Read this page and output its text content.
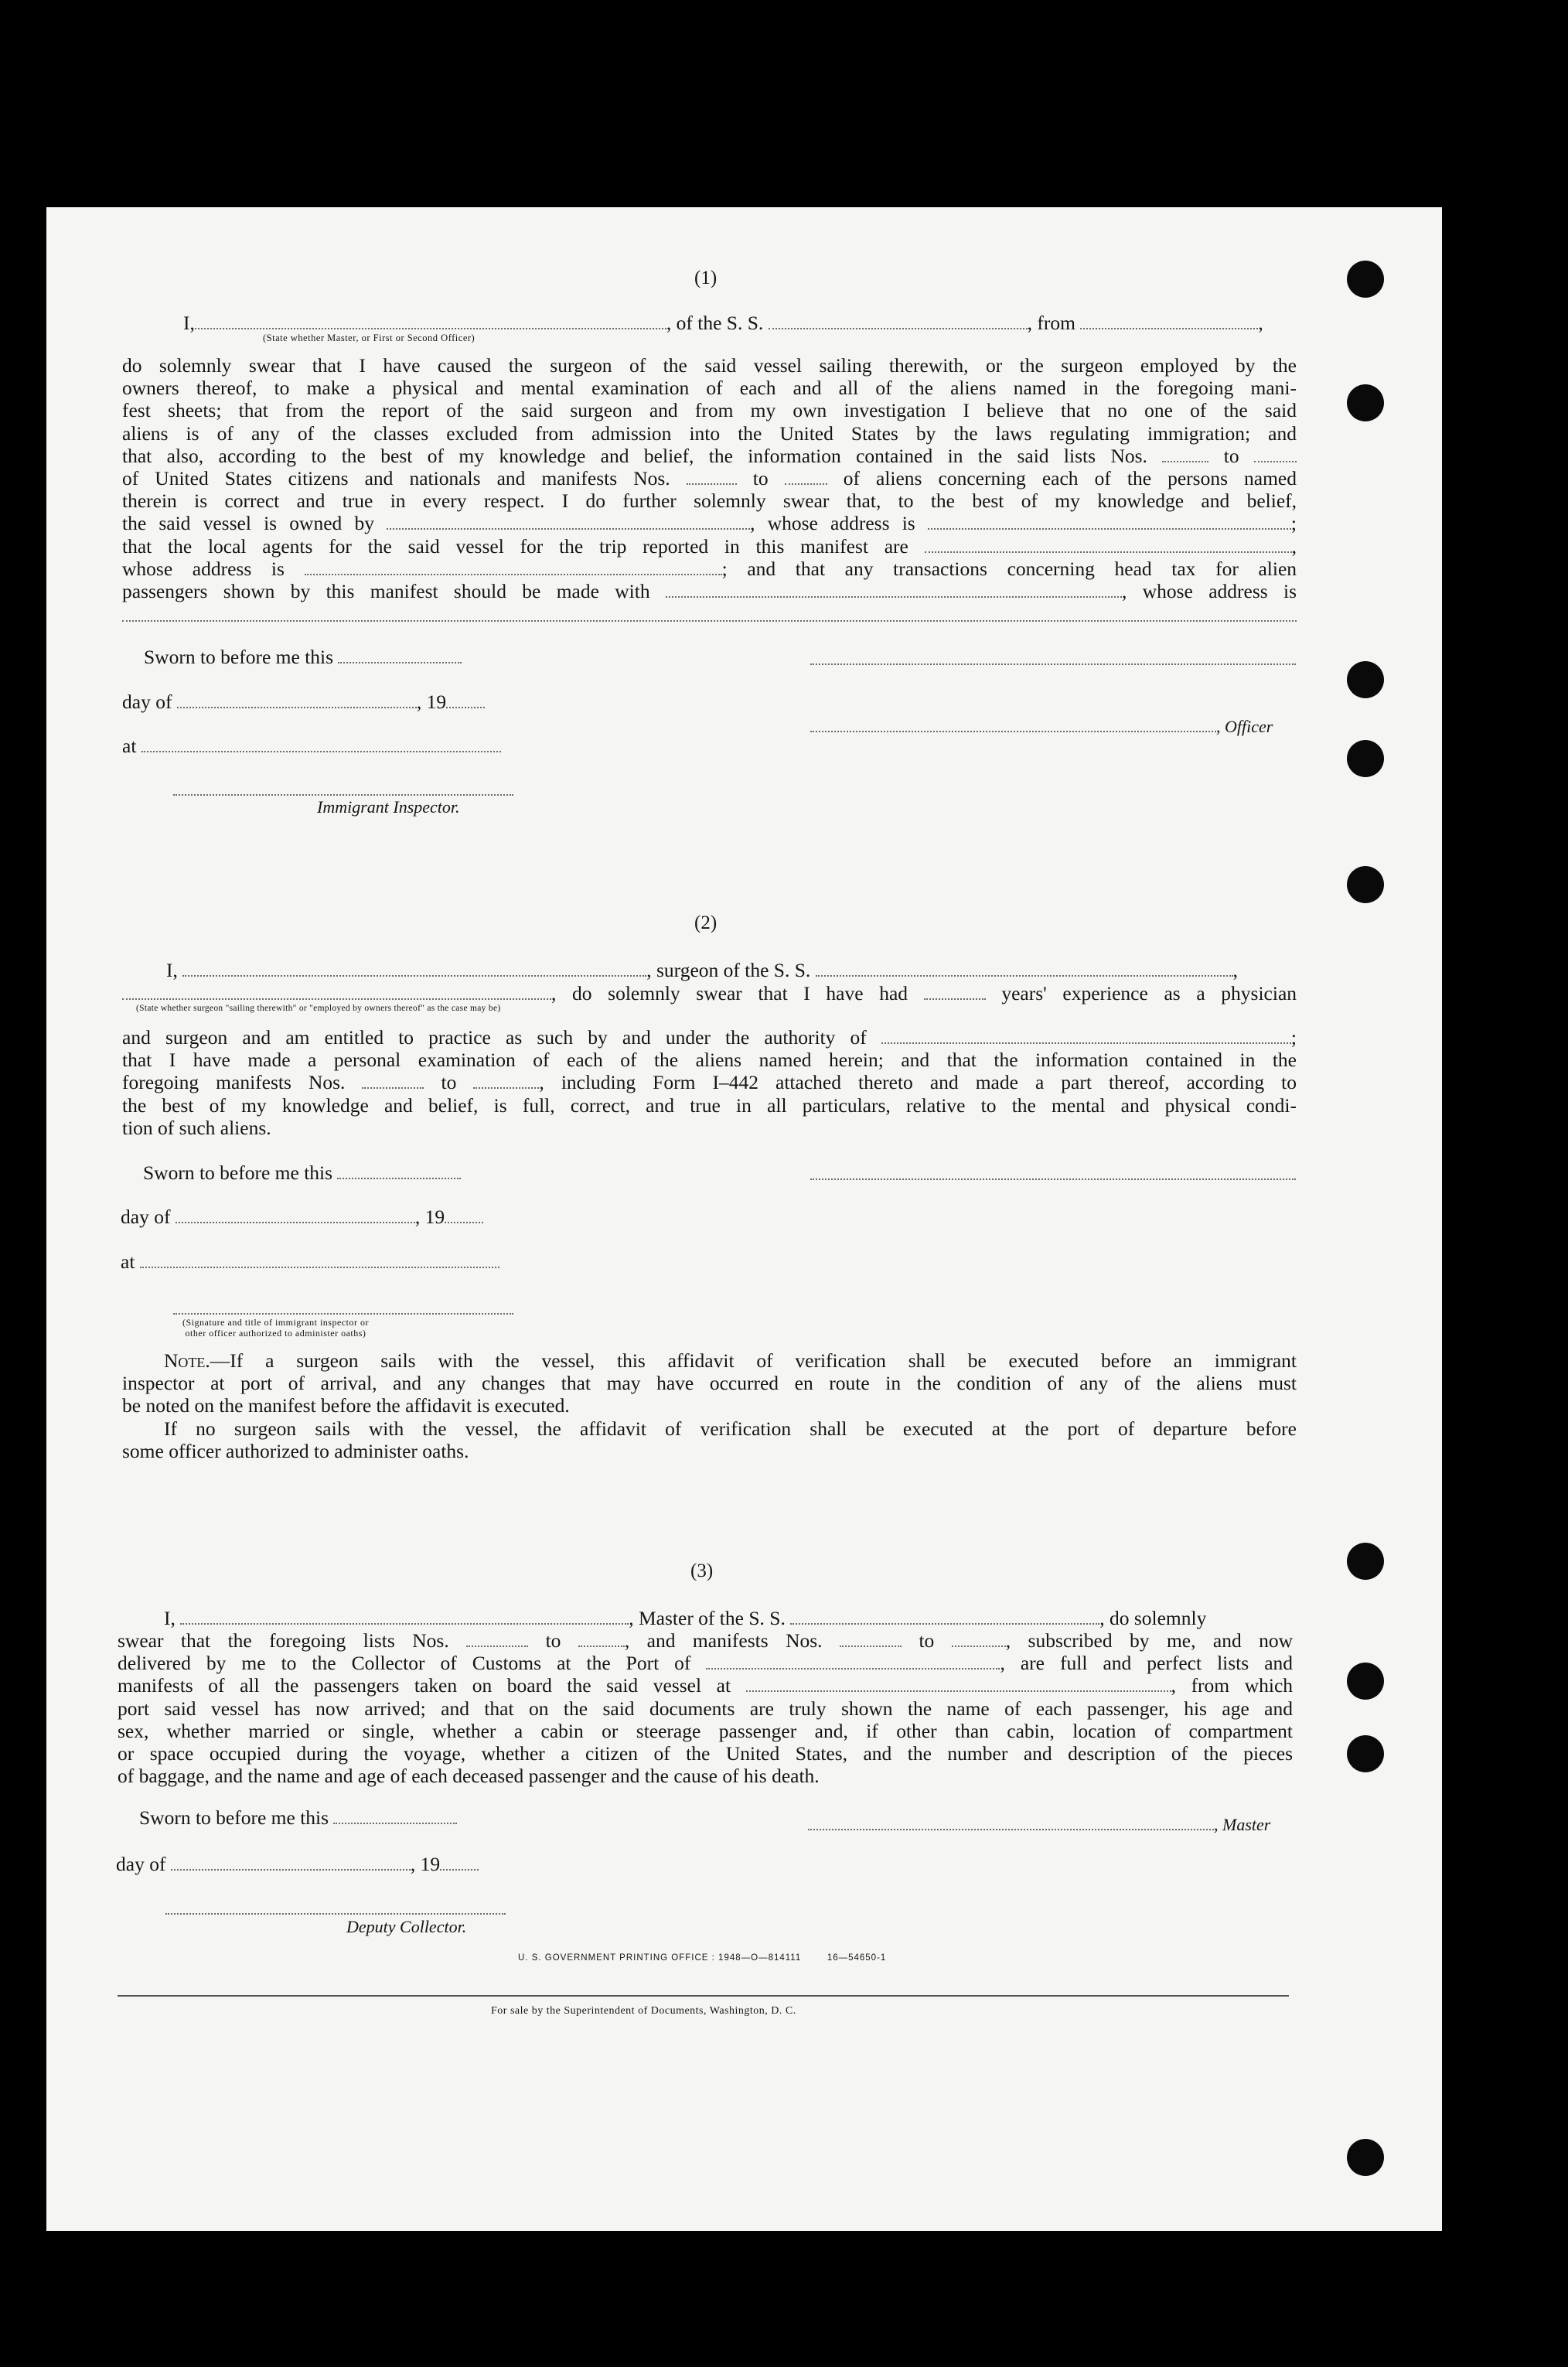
(1)
I,	, of the S. S.	, from	,
(State whether Master, or First or Second Officer)
do solemnly swear that I have caused the surgeon of the said vessel sailing therewith, or the surgeon employed by the
owners thereof, to make a physical and mental examination of each and all of the aliens named in the foregoing mani-
fest sheets; that from the report of the said surgeon and from my own investigation I believe that no one of the said
aliens is of any of the classes excluded from admission into the United States by the laws regulating immigration; and
that also, according to the best of my knowledge and belief, the information contained in the said lists Nos.	to
of United States citizens and nationals and manifests Nos.	to	of aliens concerning each of the persons named
therein is correct and true in every respect. I do further solemnly swear that, to the best of my knowledge and belief,
the said vessel is owned by	, whose address is	;
that the local agents for the said vessel for the trip reported in this manifest are	,
whose address is	; and that any transactions concerning head tax for alien
passengers shown by this manifest should be made with	, whose address is
Sworn to before me this
day of	, 19
, Officer
at
Immigrant Inspector.
(2)
I,	, surgeon of the S. S.	,
, do solemnly swear that I have had	years' experience as a physician
(State whether surgeon "sailing therewith" or "employed by owners thereof" as the case may be)
and surgeon and am entitled to practice as such by and under the authority of	;
that I have made a personal examination of each of the aliens named herein; and that the information contained in the
foregoing manifests Nos.	to	, including Form I–442 attached thereto and made a part thereof, according to
the best of my knowledge and belief, is full, correct, and true in all particulars, relative to the mental and physical condi-
tion of such aliens.
Sworn to before me this
day of	, 19
at
(Signature and title of immigrant inspector or
other officer authorized to administer oaths)
Note.—If a surgeon sails with the vessel, this affidavit of verification shall be executed before an immigrant
inspector at port of arrival, and any changes that may have occurred en route in the condition of any of the aliens must
be noted on the manifest before the affidavit is executed.
If no surgeon sails with the vessel, the affidavit of verification shall be executed at the port of departure before
some officer authorized to administer oaths.
(3)
I,	, Master of the S. S.	, do solemnly
swear that the foregoing lists Nos.	to	, and manifests Nos.	to	, subscribed by me, and now
delivered by me to the Collector of Customs at the Port of	, are full and perfect lists and
manifests of all the passengers taken on board the said vessel at	, from which
port said vessel has now arrived; and that on the said documents are truly shown the name of each passenger, his age and
sex, whether married or single, whether a cabin or steerage passenger and, if other than cabin, location of compartment
or space occupied during the voyage, whether a citizen of the United States, and the number and description of the pieces
of baggage, and the name and age of each deceased passenger and the cause of his death.
Sworn to before me this	, Master
day of	, 19
Deputy Collector.
U. S. GOVERNMENT PRINTING OFFICE : 1948—O—814111	16—54650-1
For sale by the Superintendent of Documents, Washington, D. C.
